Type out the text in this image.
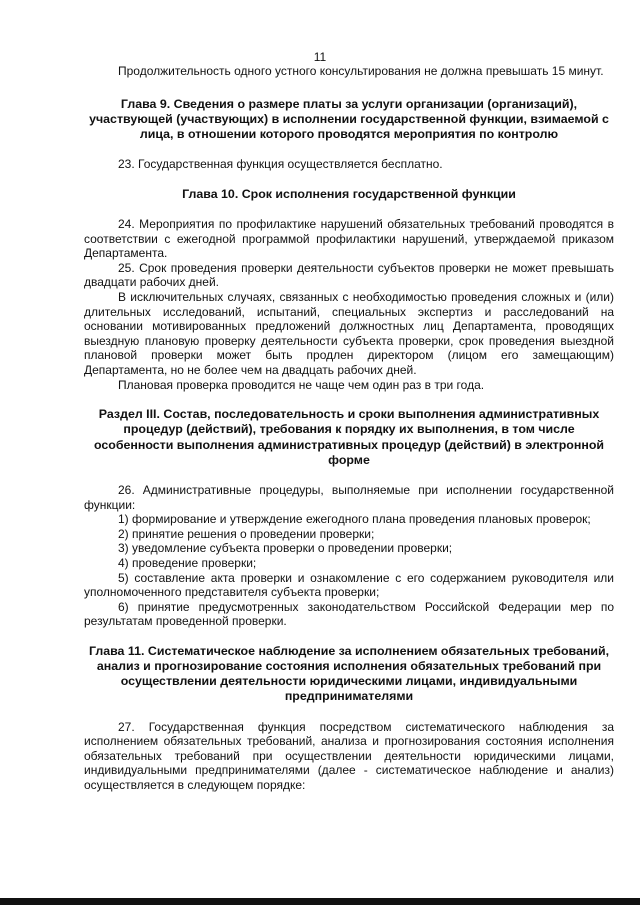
11

Продолжительность одного устного консультирования не должна превышать 15 минут.

Глава 9. Сведения о размере платы за услуги организации (организаций), участвующей (участвующих) в исполнении государственной функции, взимаемой с лица, в отношении которого проводятся мероприятия по контролю

23. Государственная функция осуществляется бесплатно.

Глава 10. Срок исполнения государственной функции

24. Мероприятия по профилактике нарушений обязательных требований проводятся в соответствии с ежегодной программой профилактики нарушений, утверждаемой приказом Департамента.

25. Срок проведения проверки деятельности субъектов проверки не может превышать двадцати рабочих дней.

В исключительных случаях, связанных с необходимостью проведения сложных и (или) длительных исследований, испытаний, специальных экспертиз и расследований на основании мотивированных предложений должностных лиц Департамента, проводящих выездную плановую проверку деятельности субъекта проверки, срок проведения выездной плановой проверки может быть продлен директором (лицом его замещающим) Департамента, но не более чем на двадцать рабочих дней.

Плановая проверка проводится не чаще чем один раз в три года.

Раздел III. Состав, последовательность и сроки выполнения административных процедур (действий), требования к порядку их выполнения, в том числе особенности выполнения административных процедур (действий) в электронной форме

26. Административные процедуры, выполняемые при исполнении государственной функции:

1) формирование и утверждение ежегодного плана проведения плановых проверок;

2) принятие решения о проведении проверки;

3) уведомление субъекта проверки о проведении проверки;

4) проведение проверки;

5) составление акта проверки и ознакомление с его содержанием руководителя или уполномоченного представителя субъекта проверки;

6) принятие предусмотренных законодательством Российской Федерации мер по результатам проведенной проверки.

Глава 11. Систематическое наблюдение за исполнением обязательных требований, анализ и прогнозирование состояния исполнения обязательных требований при осуществлении деятельности юридическими лицами, индивидуальными предпринимателями

27. Государственная функция посредством систематического наблюдения за исполнением обязательных требований, анализа и прогнозирования состояния исполнения обязательных требований при осуществлении деятельности юридическими лицами, индивидуальными предпринимателями (далее - систематическое наблюдение и анализ) осуществляется в следующем порядке:
